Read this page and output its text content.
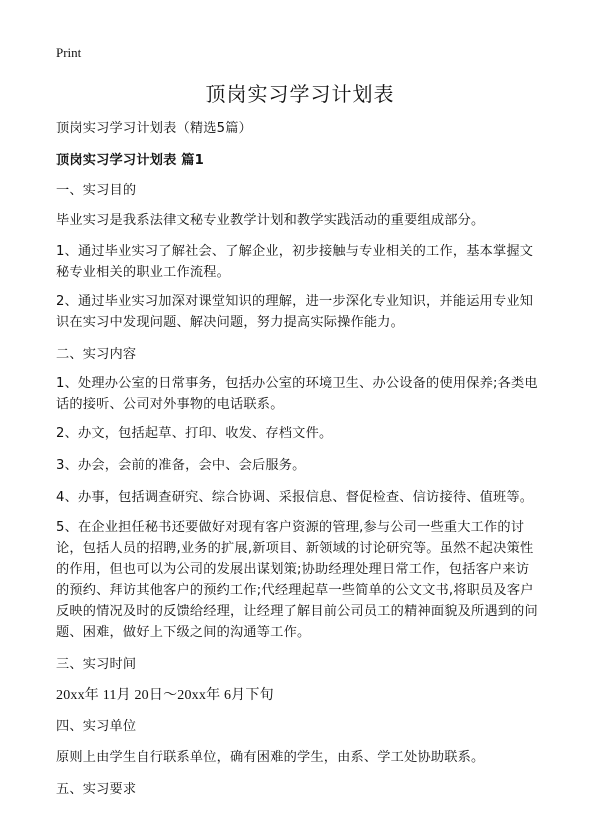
Print
顶岗实习学习计划表
顶岗实习学习计划表（精选5篇）
顶岗实习学习计划表 篇1
一、实习目的
毕业实习是我系法律文秘专业教学计划和教学实践活动的重要组成部分。
1、通过毕业实习了解社会、了解企业，初步接触与专业相关的工作，基本掌握文
秘专业相关的职业工作流程。
2、通过毕业实习加深对课堂知识的理解，进一步深化专业知识，并能运用专业知
识在实习中发现问题、解决问题，努力提高实际操作能力。
二、实习内容
1、处理办公室的日常事务，包括办公室的环境卫生、办公设备的使用保养;各类电
话的接听、公司对外事物的电话联系。
2、办文，包括起草、打印、收发、存档文件。
3、办会，会前的准备，会中、会后服务。
4、办事，包括调查研究、综合协调、采报信息、督促检查、信访接待、值班等。
5、在企业担任秘书还要做好对现有客户资源的管理,参与公司一些重大工作的讨
论，包括人员的招聘,业务的扩展,新项目、新领域的讨论研究等。虽然不起决策性
的作用，但也可以为公司的发展出谋划策;协助经理处理日常工作，包括客户来访
的预约、拜访其他客户的预约工作;代经理起草一些简单的公文文书,将职员及客户
反映的情况及时的反馈给经理，让经理了解目前公司员工的精神面貌及所遇到的问
题、困难，做好上下级之间的沟通等工作。
三、实习时间
20xx年 11月 20日～20xx年 6月下旬
四、实习单位
原则上由学生自行联系单位，确有困难的学生，由系、学工处协助联系。
五、实习要求
